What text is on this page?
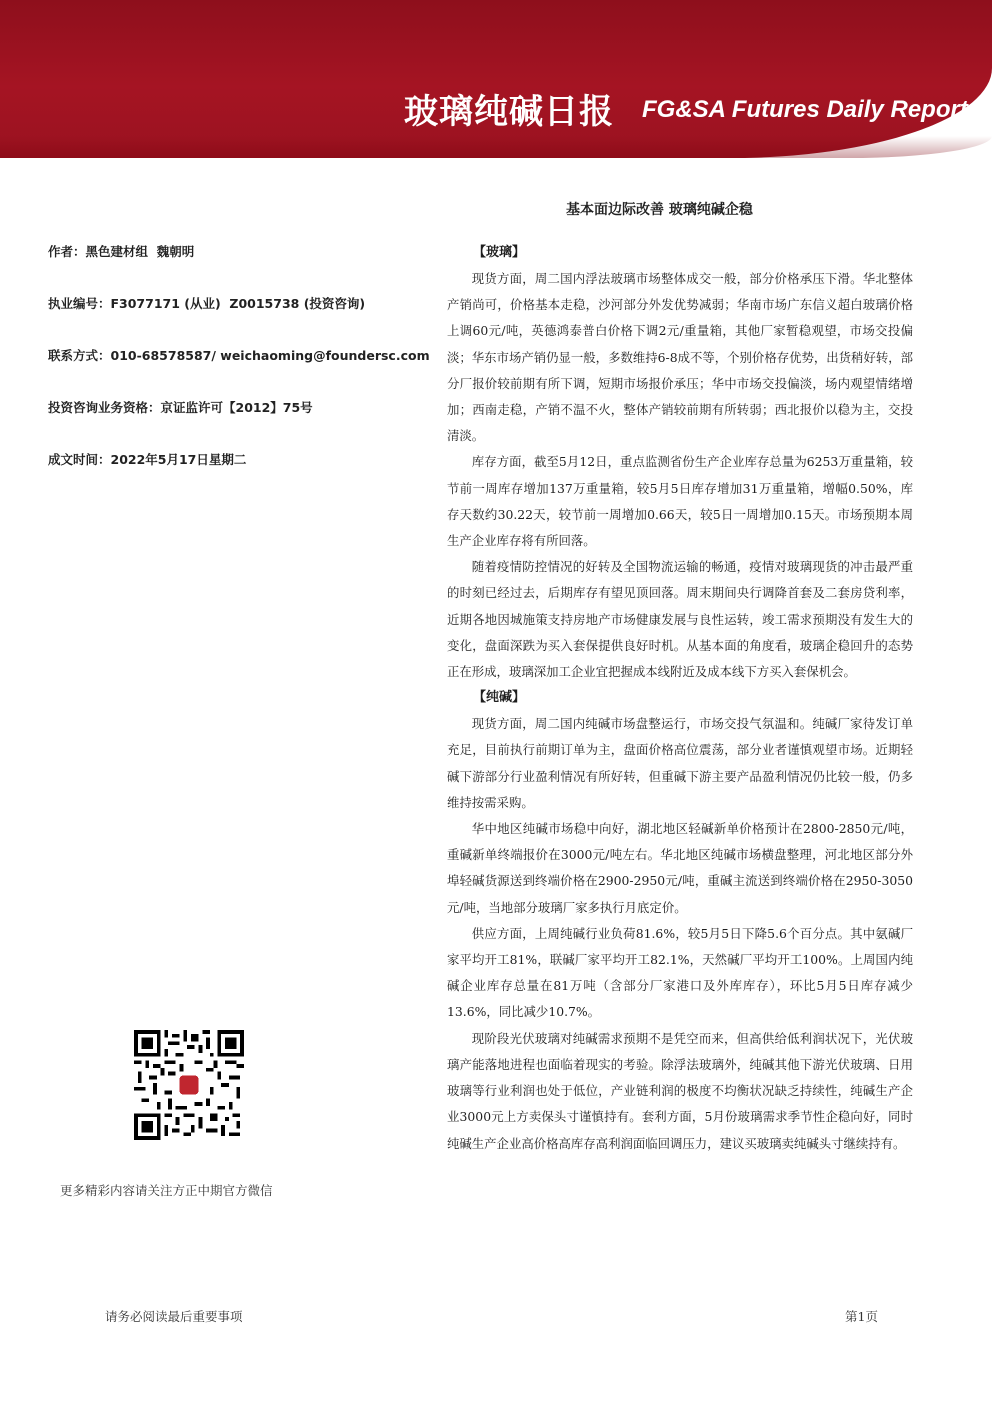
玻璃纯碱日报 FG&SA Futures Daily Report
基本面边际改善 玻璃纯碱企稳
作者：黑色建材组  魏朝明
执业编号：F3077171 (从业)  Z0015738 (投资咨询)
联系方式：010-68578587/ weichaoming@foundersc.com
投资咨询业务资格：京证监许可【2012】75号
成文时间：2022年5月17日星期二
更多精彩内容请关注方正中期官方微信
【玻璃】

现货方面，周二国内浮法玻璃市场整体成交一般，部分价格承压下滑。华北整体产销尚可，价格基本走稳，沙河部分外发优势减弱；华南市场广东信义超白玻璃价格上调60元/吨，英德鸿泰普白价格下调2元/重量箱，其他厂家暂稳观望，市场交投偏淡；华东市场产销仍显一般，多数维持6-8成不等，个别价格存优势，出货稍好转，部分厂报价较前期有所下调，短期市场报价承压；华中市场交投偏淡，场内观望情绪增加；西南走稳，产销不温不火，整体产销较前期有所转弱；西北报价以稳为主，交投清淡。

库存方面，截至5月12日，重点监测省份生产企业库存总量为6253万重量箱，较节前一周库存增加137万重量箱，较5月5日库存增加31万重量箱，增幅0.50%，库存天数约30.22天，较节前一周增加0.66天，较5日一周增加0.15天。市场预期本周生产企业库存将有所回落。

随着疫情防控情况的好转及全国物流运输的畅通，疫情对玻璃现货的冲击最严重的时刻已经过去，后期库存有望见顶回落。周末期间央行调降首套及二套房贷利率，近期各地因城施策支持房地产市场健康发展与良性运转，竣工需求预期没有发生大的变化，盘面深跌为买入套保提供良好时机。从基本面的角度看，玻璃企稳回升的态势正在形成，玻璃深加工企业宜把握成本线附近及成本线下方买入套保机会。

【纯碱】

现货方面，周二国内纯碱市场盘整运行，市场交投气氛温和。纯碱厂家待发订单充足，目前执行前期订单为主，盘面价格高位震荡，部分业者谨慎观望市场。近期轻碱下游部分行业盈利情况有所好转，但重碱下游主要产品盈利情况仍比较一般，仍多维持按需采购。

华中地区纯碱市场稳中向好，湖北地区轻碱新单价格预计在2800-2850元/吨，重碱新单终端报价在3000元/吨左右。华北地区纯碱市场横盘整理，河北地区部分外埠轻碱货源送到终端价格在2900-2950元/吨，重碱主流送到终端价格在2950-3050元/吨，当地部分玻璃厂家多执行月底定价。

供应方面，上周纯碱行业负荷81.6%，较5月5日下降5.6个百分点。其中氨碱厂家平均开工81%，联碱厂家平均开工82.1%，天然碱厂平均开工100%。上周国内纯碱企业库存总量在81万吨（含部分厂家港口及外库库存），环比5月5日库存减少13.6%，同比减少10.7%。

现阶段光伏玻璃对纯碱需求预期不是凭空而来，但高供给低利润状况下，光伏玻璃产能落地进程也面临着现实的考验。除浮法玻璃外，纯碱其他下游光伏玻璃、日用玻璃等行业利润也处于低位，产业链利润的极度不均衡状况缺乏持续性，纯碱生产企业3000元上方卖保头寸谨慎持有。套利方面，5月份玻璃需求季节性企稳向好，同时纯碱生产企业高价格高库存高利润面临回调压力，建议买玻璃卖纯碱头寸继续持有。

请务必阅读最后重要事项	第1页
